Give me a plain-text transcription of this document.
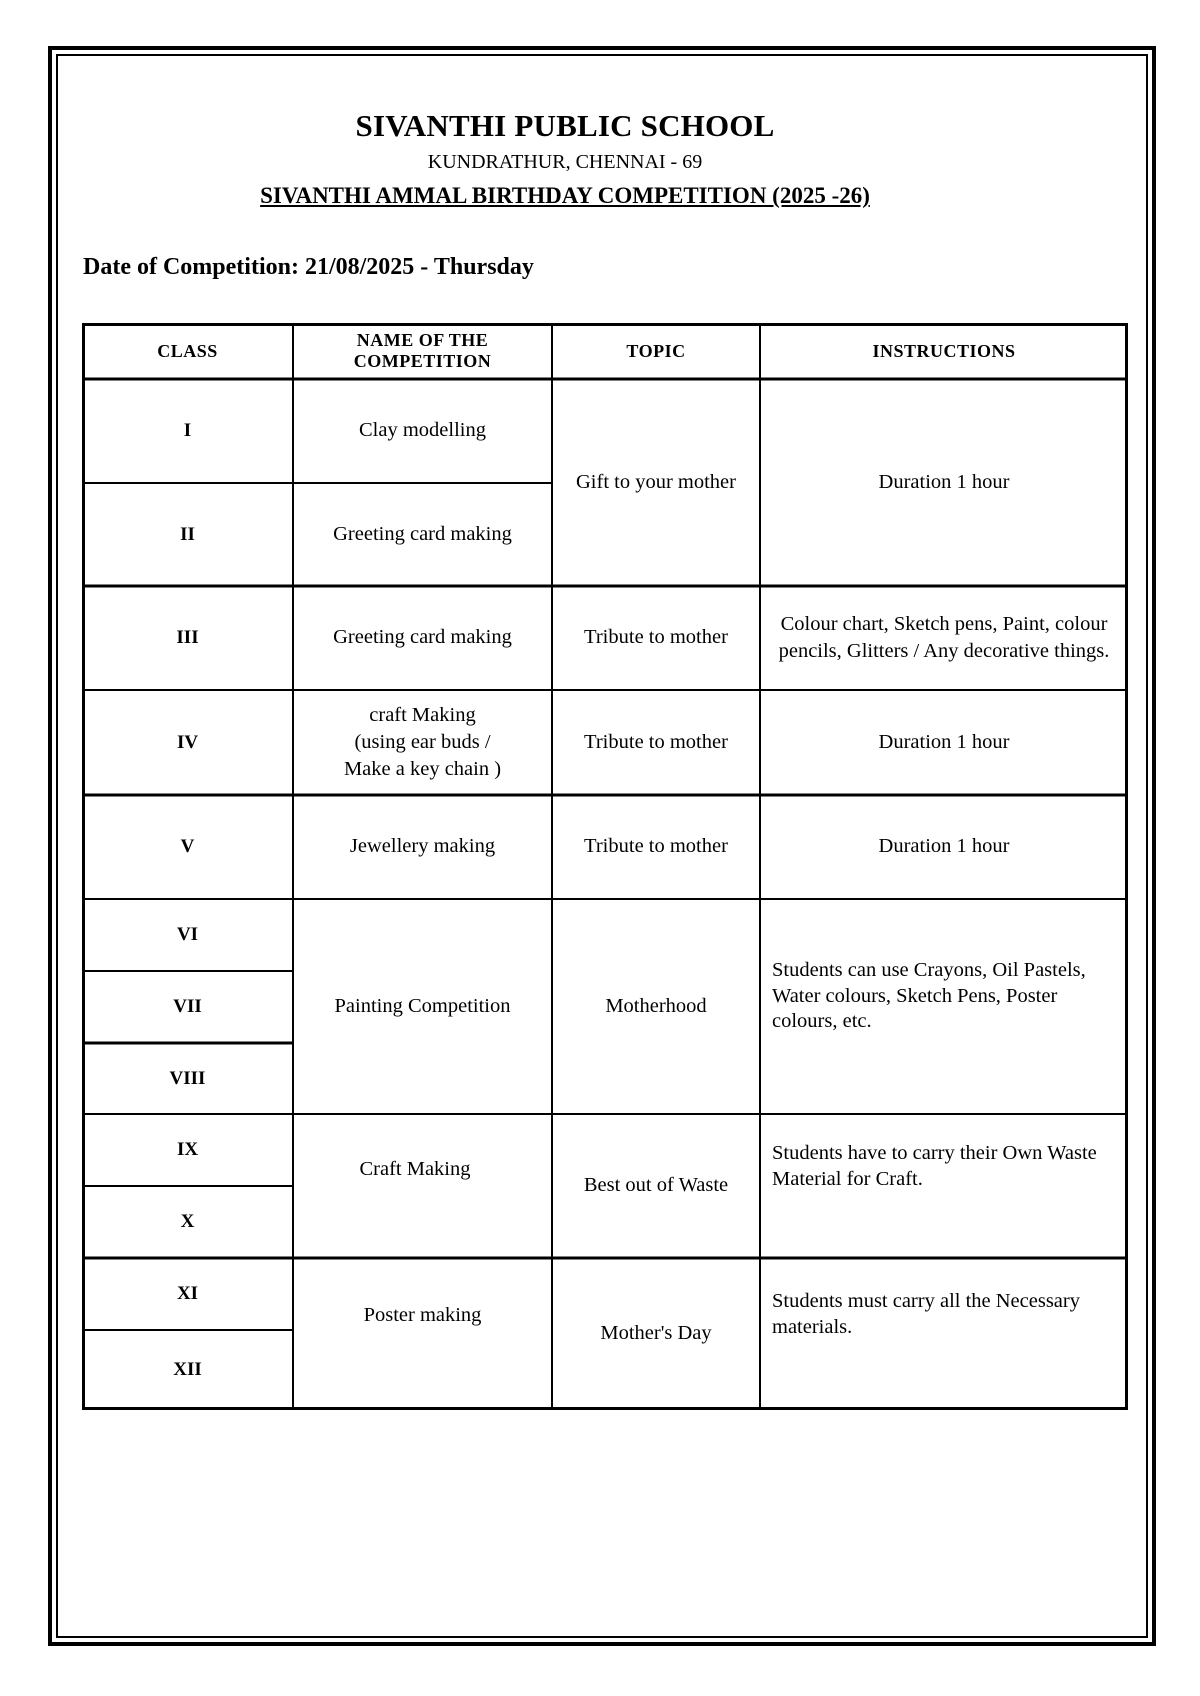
SIVANTHI PUBLIC SCHOOL
KUNDRATHUR, CHENNAI - 69
SIVANTHI AMMAL BIRTHDAY COMPETITION (2025 -26)
Date of Competition: 21/08/2025 - Thursday
CLASS
NAME OF THE COMPETITION
TOPIC	INSTRUCTIONS
I
II
III
IV
V
VI
VII
VIII
IX
X
XI
XII
Clay modelling
Greeting card making
Greeting card making
craft Making
(using ear buds /
Make a key chain )
Jewellery making
Painting Competition
Craft Making
Poster making
Gift to your mother
Tribute to mother
Tribute to mother
Tribute to mother
Motherhood
Best out of Waste
Mother's Day
Duration 1 hour
Colour chart, Sketch pens, Paint, colour pencils, Glitters / Any decorative things.
Duration 1 hour
Duration 1 hour
Students can use Crayons, Oil Pastels, Water colours, Sketch Pens, Poster colours, etc.
Students have to carry their Own Waste Material for Craft.
Students must carry all the Necessary materials.
